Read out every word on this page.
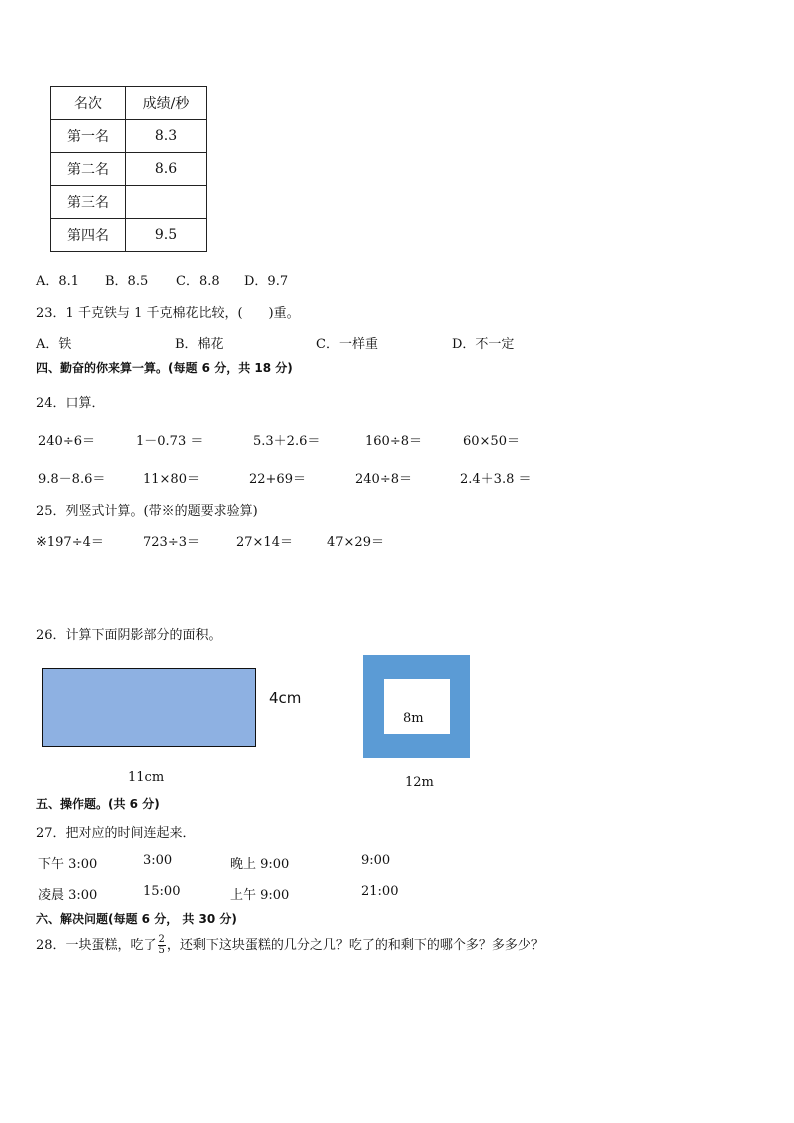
名次	成绩/秒
第一名	8.3
第二名	8.6
第三名	
第四名	9.5
A．8.1 B．8.5 C．8.8 D．9.7
23．1 千克铁与 1 千克棉花比较，(　　)重。
A．铁	B．棉花	C．一样重	D．不一定
四、勤奋的你来算一算。(每题 6 分，共 18 分)
24．口算．
240÷6＝	1－0.73 ＝	5.3＋2.6＝	160÷8＝	60×50＝
9.8－8.6＝	11×80＝	22+69＝	240÷8＝	2.4＋3.8 ＝
25．列竖式计算。(带※的题要求验算)
※197÷4＝	723÷3＝	27×14＝	47×29＝
26．计算下面阴影部分的面积。
4cm
11cm
8m
12m
五、操作题。(共 6 分)
27．把对应的时间连起来．
下午 3:00	3:00	晚上 9:00	9:00
凌晨 3:00	15:00	上午 9:00	21:00
六、解决问题(每题 6 分， 共 30 分)
28．一块蛋糕，吃了 $\frac{2}{5}$ ，还剩下这块蛋糕的几分之几？吃了的和剩下的哪个多？多多少？
